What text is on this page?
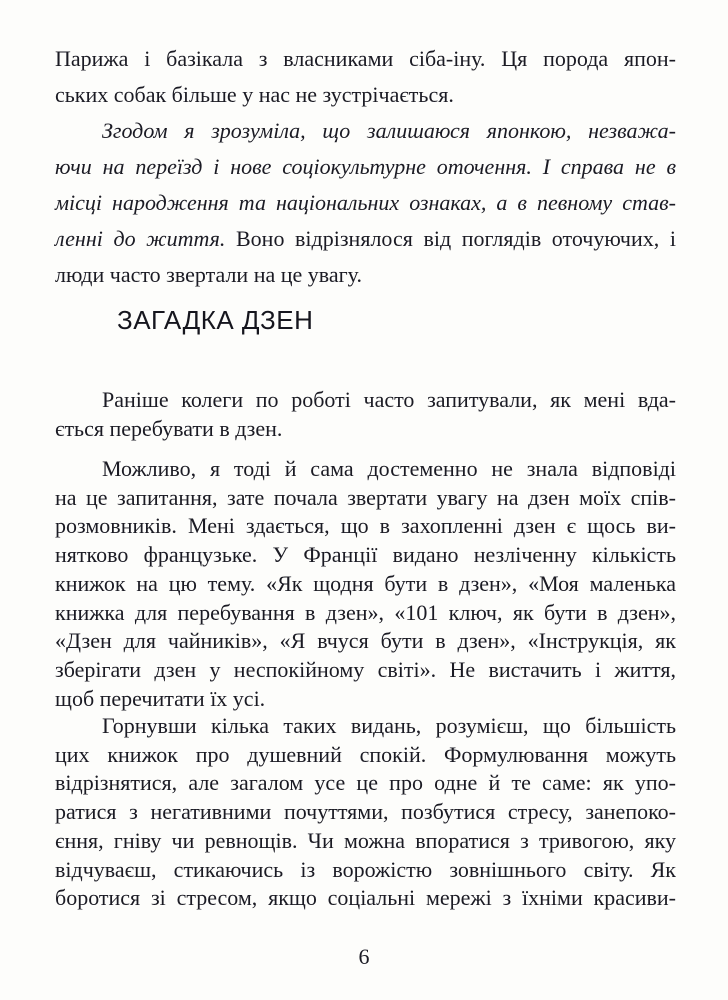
Парижа і базікала з власниками сіба-іну. Ця порода япон-
ських собак більше у нас не зустрічається.
Згодом я зрозуміла, що залишаюся японкою, незважа-
ючи на переїзд і нове соціокультурне оточення. І справа не в
місці народження та національних ознаках, а в певному став-
ленні до життя. Воно відрізнялося від поглядів оточуючих, і
люди часто звертали на це увагу.
ЗАГАДКА ДЗЕН
Раніше колеги по роботі часто запитували, як мені вда-
ється перебувати в дзен.
Можливо, я тоді й сама достеменно не знала відповіді
на це запитання, зате почала звертати увагу на дзен моїх спів-
розмовників. Мені здається, що в захопленні дзен є щось ви-
нятково французьке. У Франції видано незліченну кількість
книжок на цю тему. «Як щодня бути в дзен», «Моя маленька
книжка для перебування в дзен», «101 ключ, як бути в дзен»,
«Дзен для чайників», «Я вчуся бути в дзен», «Інструкція, як
зберігати дзен у неспокійному світі». Не вистачить і життя,
щоб перечитати їх усі.
Горнувши кілька таких видань, розумієш, що більшість
цих книжок про душевний спокій. Формулювання можуть
відрізнятися, але загалом усе це про одне й те саме: як упо-
ратися з негативними почуттями, позбутися стресу, занепоко-
єння, гніву чи ревнощів. Чи можна впоратися з тривогою, яку
відчуваєш, стикаючись із ворожістю зовнішнього світу. Як
боротися зі стресом, якщо соціальні мережі з їхніми красиви-
6
